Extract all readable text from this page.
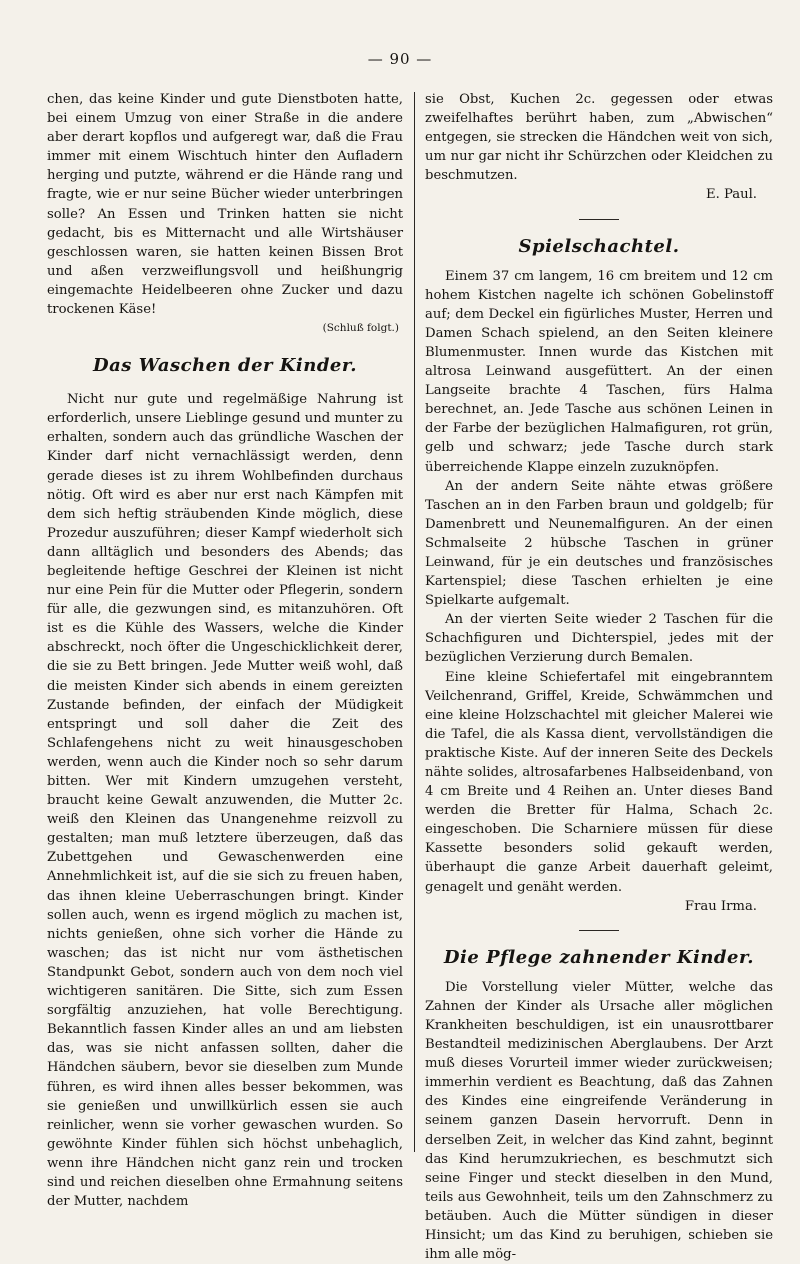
— 90 —

chen, das keine Kinder und gute Dienstboten hatte, bei einem Umzug von einer Straße in die andere aber derart kopflos und aufgeregt war, daß die Frau immer mit einem Wischtuch hinter den Aufladern herging und putzte, während er die Hände rang und fragte, wie er nur seine Bücher wieder unterbringen solle? An Essen und Trinken hatten sie nicht gedacht, bis es Mitternacht und alle Wirtshäuser geschlossen waren, sie hatten keinen Bissen Brot und aßen verzweiflungsvoll und heißhungrig eingemachte Heidelbeeren ohne Zucker und dazu trockenen Käse!

(Schluß folgt.)
Das Waschen der Kinder.

Nicht nur gute und regelmäßige Nahrung ist erforderlich, unsere Lieblinge gesund und munter zu erhalten, sondern auch das gründliche Waschen der Kinder darf nicht vernachlässigt werden, denn gerade dieses ist zu ihrem Wohlbefinden durchaus nötig. Oft wird es aber nur erst nach Kämpfen mit dem sich heftig sträubenden Kinde möglich, diese Prozedur auszuführen; dieser Kampf wiederholt sich dann alltäglich und besonders des Abends; das begleitende heftige Geschrei der Kleinen ist nicht nur eine Pein für die Mutter oder Pflegerin, sondern für alle, die gezwungen sind, es mitanzuhören. Oft ist es die Kühle des Wassers, welche die Kinder abschreckt, noch öfter die Ungeschicklichkeit derer, die sie zu Bett bringen. Jede Mutter weiß wohl, daß die meisten Kinder sich abends in einem gereizten Zustande befinden, der einfach der Müdigkeit entspringt und soll daher die Zeit des Schlafengehens nicht zu weit hinausgeschoben werden, wenn auch die Kinder noch so sehr darum bitten. Wer mit Kindern umzugehen versteht, braucht keine Gewalt anzuwenden, die Mutter 2c. weiß den Kleinen das Unangenehme reizvoll zu gestalten; man muß letztere überzeugen, daß das Zubettgehen und Gewaschenwerden eine Annehmlichkeit ist, auf die sie sich zu freuen haben, das ihnen kleine Ueberraschungen bringt. Kinder sollen auch, wenn es irgend möglich zu machen ist, nichts genießen, ohne sich vorher die Hände zu waschen; das ist nicht nur vom ästhetischen Standpunkt Gebot, sondern auch von dem noch viel wichtigeren sanitären. Die Sitte, sich zum Essen sorgfältig anzuziehen, hat volle Berechtigung. Bekanntlich fassen Kinder alles an und am liebsten das, was sie nicht anfassen sollten, daher die Händchen säubern, bevor sie dieselben zum Munde führen, es wird ihnen alles besser bekommen, was sie genießen und unwillkürlich essen sie auch reinlicher, wenn sie vorher gewaschen wurden. So gewöhnte Kinder fühlen sich höchst unbehaglich, wenn ihre Händchen nicht ganz rein und trocken sind und reichen dieselben ohne Ermahnung seitens der Mutter, nachdem

sie Obst, Kuchen 2c. gegessen oder etwas zweifelhaftes berührt haben, zum „Abwischen“ entgegen, sie strecken die Händchen weit von sich, um nur gar nicht ihr Schürzchen oder Kleidchen zu beschmutzen.

E. Paul.
Spielschachtel.

Einem 37 cm langem, 16 cm breitem und 12 cm hohem Kistchen nagelte ich schönen Gobelinstoff auf; dem Deckel ein figürliches Muster, Herren und Damen Schach spielend, an den Seiten kleinere Blumenmuster. Innen wurde das Kistchen mit altrosa Leinwand ausgefüttert. An der einen Langseite brachte 4 Taschen, fürs Halma berechnet, an. Jede Tasche aus schönen Leinen in der Farbe der bezüglichen Halmafiguren, rot grün, gelb und schwarz; jede Tasche durch stark überreichende Klappe einzeln zuzuknöpfen.

An der andern Seite nähte etwas größere Taschen an in den Farben braun und goldgelb; für Damenbrett und Neunemalfiguren. An der einen Schmalseite 2 hübsche Taschen in grüner Leinwand, für je ein deutsches und französisches Kartenspiel; diese Taschen erhielten je eine Spielkarte aufgemalt.

An der vierten Seite wieder 2 Taschen für die Schachfiguren und Dichterspiel, jedes mit der bezüglichen Verzierung durch Bemalen.

Eine kleine Schiefertafel mit eingebranntem Veilchenrand, Griffel, Kreide, Schwämmchen und eine kleine Holzschachtel mit gleicher Malerei wie die Tafel, die als Kassa dient, vervollständigen die praktische Kiste. Auf der inneren Seite des Deckels nähte solides, altrosafarbenes Halbseidenband, von 4 cm Breite und 4 Reihen an. Unter dieses Band werden die Bretter für Halma, Schach 2c. eingeschoben. Die Scharniere müssen für diese Kassette besonders solid gekauft werden, überhaupt die ganze Arbeit dauerhaft geleimt, genagelt und genäht werden.

Frau Irma.
Die Pflege zahnender Kinder.

Die Vorstellung vieler Mütter, welche das Zahnen der Kinder als Ursache aller möglichen Krankheiten beschuldigen, ist ein unausrottbarer Bestandteil medizinischen Aberglaubens. Der Arzt muß dieses Vorurteil immer wieder zurückweisen; immerhin verdient es Beachtung, daß das Zahnen des Kindes eine eingreifende Veränderung in seinem ganzen Dasein hervorruft. Denn in derselben Zeit, in welcher das Kind zahnt, beginnt das Kind herumzukriechen, es beschmutzt sich seine Finger und steckt dieselben in den Mund, teils aus Gewohnheit, teils um den Zahnschmerz zu betäuben. Auch die Mütter sündigen in dieser Hinsicht; um das Kind zu beruhigen, schieben sie ihm alle mög-
